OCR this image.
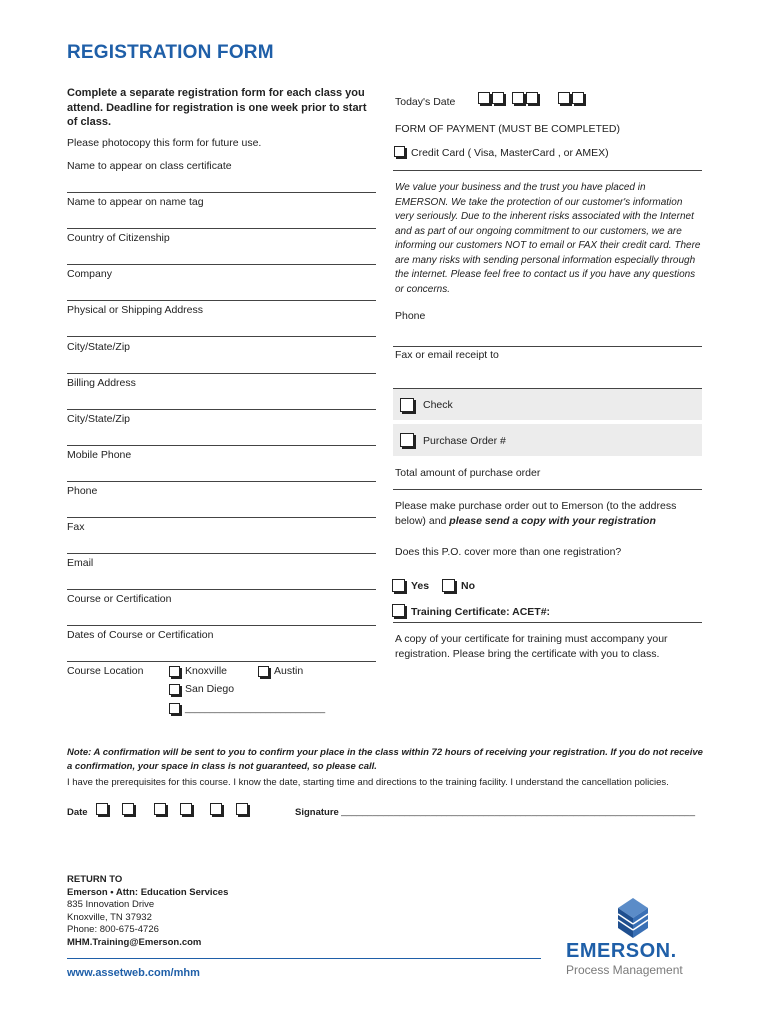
REGISTRATION FORM
Complete a separate registration form for each class you attend. Deadline for registration is one week prior to start of class.
Please photocopy this form for future use.
Name to appear on class certificate
Name to appear on name tag
Country of Citizenship
Company
Physical or Shipping Address
City/State/Zip
Billing Address
City/State/Zip
Mobile Phone
Phone
Fax
Email
Course or Certification
Dates of Course or Certification
Course Location	Knoxville	Austin
San Diego
____________________________
Today's Date
FORM OF PAYMENT (MUST BE COMPLETED)
Credit Card ( Visa, MasterCard , or AMEX)
We value your business and the trust you have placed in EMERSON. We take the protection of our customer's information very seriously. Due to the inherent risks associated with the Internet and as part of our ongoing commitment to our customers, we are informing our customers NOT to email or FAX their credit card. There are many risks with sending personal information especially through the internet. Please feel free to contact us if you have any questions or concerns.
Phone
Fax or email receipt to
Check
Purchase Order #
Total amount of purchase order
Please make purchase order out to Emerson (to the address below) and please send a copy with your registration
Does this P.O. cover more than one registration?
Yes	No
Training Certificate: ACET#:
A copy of your certificate for training must accompany your registration. Please bring the certificate with you to class.
Note: A confirmation will be sent to you to confirm your place in the class within 72 hours of receiving your registration. If you do not receive a confirmation, your space in class is not guaranteed, so please call.
I have the prerequisites for this course. I know the date, starting time and directions to the training facility. I understand the cancellation policies.
Date	Signature ___________________________________________________________________
RETURN TO
Emerson • Attn: Education Services
835 Innovation Drive
Knoxville, TN 37932
Phone: 800-675-4726
MHM.Training@Emerson.com
www.assetweb.com/mhm
EMERSON.
Process Management
